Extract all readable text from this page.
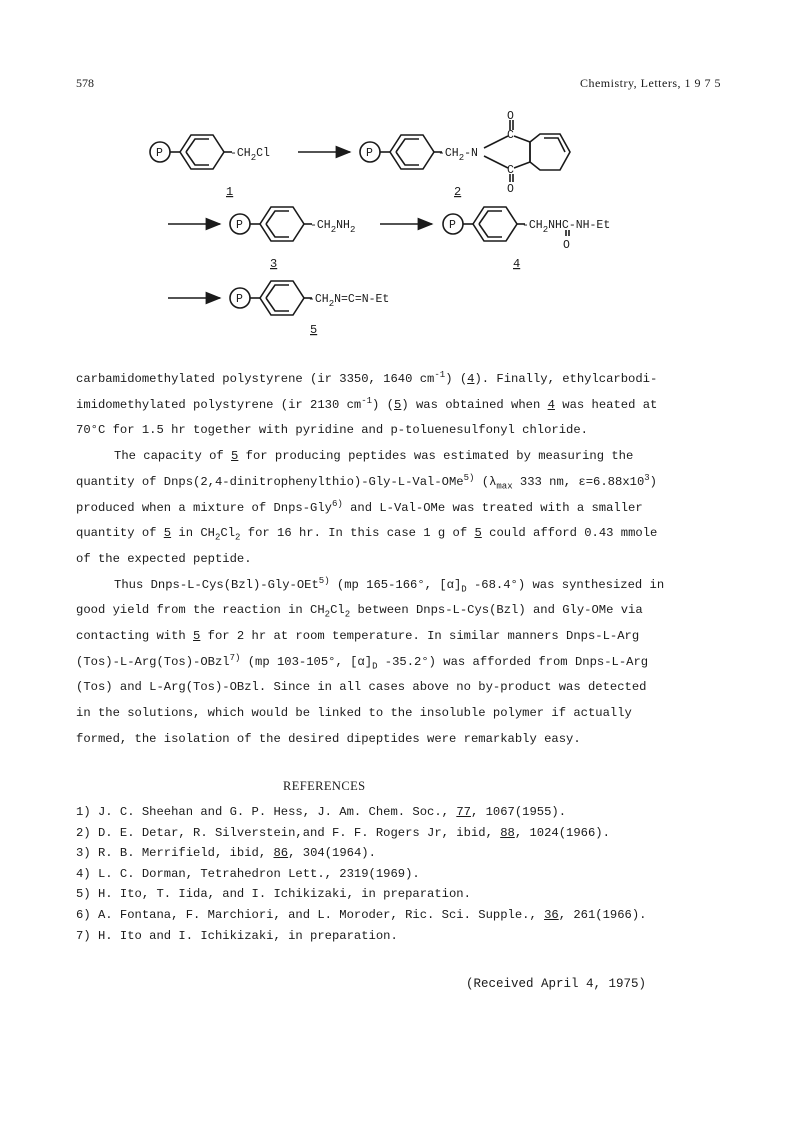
578	Chemistry, Letters, 1 9 7 5
P	$-CH_2Cl$
1
P	$-CH_2-N$
O
C
C
O
2
P	$-CH_2NH_2$
3
P	$-CH_2NHC-NH-Et$
O
4
P	$-CH_2N=C=N-Et$
5

carbamidomethylated polystyrene (ir 3350, 1640 $cm^{-1}$) (4). Finally, ethylcarbodi-

imidomethylated polystyrene (ir 2130 $cm^{-1}$) (5) was obtained when 4 was heated at

70°C for 1.5 hr together with pyridine and p-toluenesulfonyl chloride.

The capacity of 5 for producing peptides was estimated by measuring the

quantity of Dnps(2,4-dinitrophenylthio)-Gly-L-Val-OMe$^{5)}$ ($\lambda_{max}$ 333 nm, $\varepsilon=6.88x10^3$)

produced when a mixture of Dnps-Gly$^{6)}$ and L-Val-OMe was treated with a smaller

quantity of 5 in $CH_2Cl_2$ for 16 hr. In this case 1 g of 5 could afford 0.43 mmole

of the expected peptide.

Thus Dnps-L-Cys(Bzl)-Gly-OEt$^{5)}$ (mp 165-166°, $[\alpha]_D$ -68.4°) was synthesized in

good yield from the reaction in $CH_2Cl_2$ between Dnps-L-Cys(Bzl) and Gly-OMe via

contacting with 5 for 2 hr at room temperature. In similar manners Dnps-L-Arg

(Tos)-L-Arg(Tos)-OBzl$^{7)}$ (mp 103-105°, $[\alpha]_D$ -35.2°) was afforded from Dnps-L-Arg

(Tos) and L-Arg(Tos)-OBzl. Since in all cases above no by-product was detected

in the solutions, which would be linked to the insoluble polymer if actually

formed, the isolation of the desired dipeptides were remarkably easy.

REFERENCES
1) J. C. Sheehan and G. P. Hess, J. Am. Chem. Soc., 77, 1067(1955).
2) D. E. Detar, R. Silverstein,and F. F. Rogers Jr, ibid, 88, 1024(1966).
3) R. B. Merrifield, ibid, 86, 304(1964).
4) L. C. Dorman, Tetrahedron Lett., 2319(1969).
5) H. Ito, T. Iida, and I. Ichikizaki, in preparation.
6) A. Fontana, F. Marchiori, and L. Moroder, Ric. Sci. Supple., 36, 261(1966).
7) H. Ito and I. Ichikizaki, in preparation.
(Received April 4, 1975)
